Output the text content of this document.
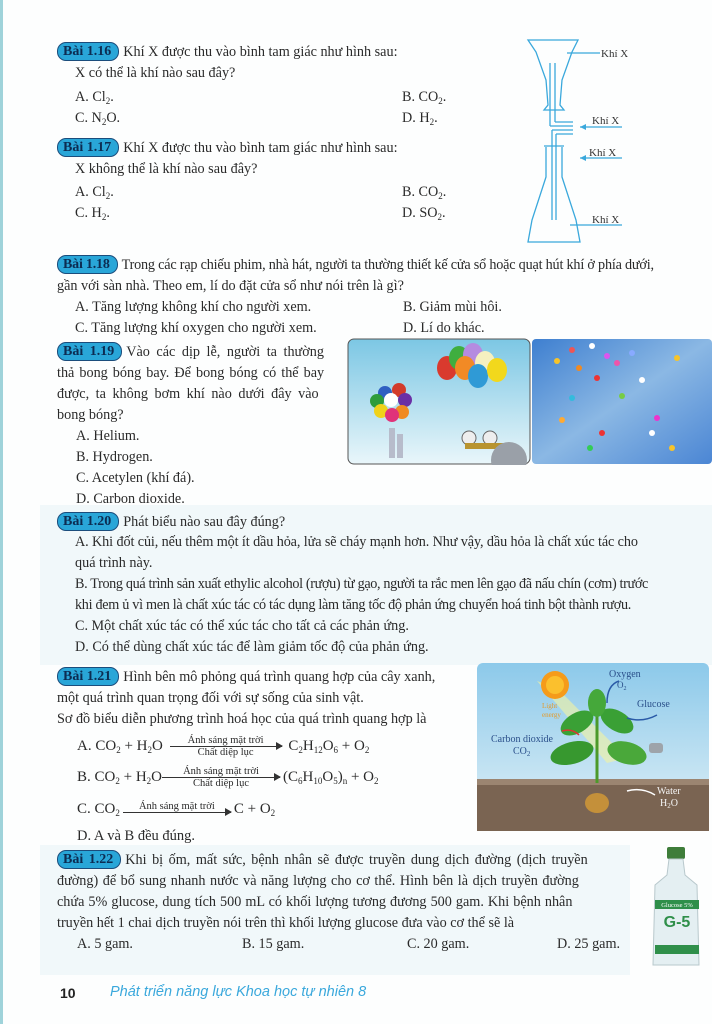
Bài 1.16 Khí X được thu vào bình tam giác như hình sau:
X có thể là khí nào sau đây?
A. $Cl_2$.	B. $CO_2$.
C. $N_2O$.	D. $H_2$.
Khí X
Khí X
Khí X
Khí X
Bài 1.17 Khí X được thu vào bình tam giác như hình sau:
X không thể là khí nào sau đây?
A. $Cl_2$.	B. $CO_2$.
C. $H_2$.	D. $SO_2$.
Bài 1.18 Trong các rạp chiếu phim, nhà hát, người ta thường thiết kế cửa sổ hoặc quạt hút khí ở phía dưới,
gần với sàn nhà. Theo em, lí do đặt cửa sổ như nói trên là gì?
A. Tăng lượng không khí cho người xem.	B. Giảm mùi hôi.
C. Tăng lượng khí oxygen cho người xem.	D. Lí do khác.
Bài 1.19 Vào các dịp lễ, người ta thường
thả bong bóng bay. Để bong bóng có thể bay
được, ta không bơm khí nào dưới đây vào
bong bóng?
A. Helium.
B. Hydrogen.
C. Acetylen (khí đá).
D. Carbon dioxide.
Bài 1.20 Phát biểu nào sau đây đúng?
A. Khi đốt củi, nếu thêm một ít dầu hỏa, lửa sẽ cháy mạnh hơn. Như vậy, dầu hỏa là chất xúc tác cho
quá trình này.
B. Trong quá trình sản xuất ethylic alcohol (rượu) từ gạo, người ta rắc men lên gạo đã nấu chín (cơm) trước
khi đem ủ vì men là chất xúc tác có tác dụng làm tăng tốc độ phản ứng chuyển hoá tinh bột thành rượu.
C. Một chất xúc tác có thể xúc tác cho tất cả các phản ứng.
D. Có thể dùng chất xúc tác để làm giảm tốc độ của phản ứng.
Bài 1.21 Hình bên mô phỏng quá trình quang hợp của cây xanh,
một quá trình quan trọng đối với sự sống của sinh vật.
Sơ đồ biểu diễn phương trình hoá học của quá trình quang hợp là
A. $CO_2 + H_2O$	Ánh sáng mặt trời
Chất diệp lục	$C_2H_{12}O_6 + O_2$
B. $CO_2 + H_2O$	Ánh sáng mặt trời
Chất diệp lục	$(C_6H_{10}O_5)_n + O_2$
C. $CO_2$
Ánh sáng mặt trời	$C + O_2$
D. A và B đều đúng.
Oxygen
$O_2$
Glucose
Light
energy
Carbon dioxide
$CO_2$
Water
$H_2O$
Bài 1.22 Khi bị ốm, mất sức, bệnh nhân sẽ được truyền dung dịch đường (dịch truyền
đường) để bổ sung nhanh nước và năng lượng cho cơ thể. Hình bên là dịch truyền đường
chứa 5% glucose, dung tích 500 mL có khối lượng tương đương 500 gam. Khi bệnh nhân
truyền hết 1 chai dịch truyền nói trên thì khối lượng glucose đưa vào cơ thể sẽ là
A. 5 gam.	B. 15 gam.	C. 20 gam.	D. 25 gam.
Glucose 5%
G-5
10 Phát triển năng lực Khoa học tự nhiên 8
